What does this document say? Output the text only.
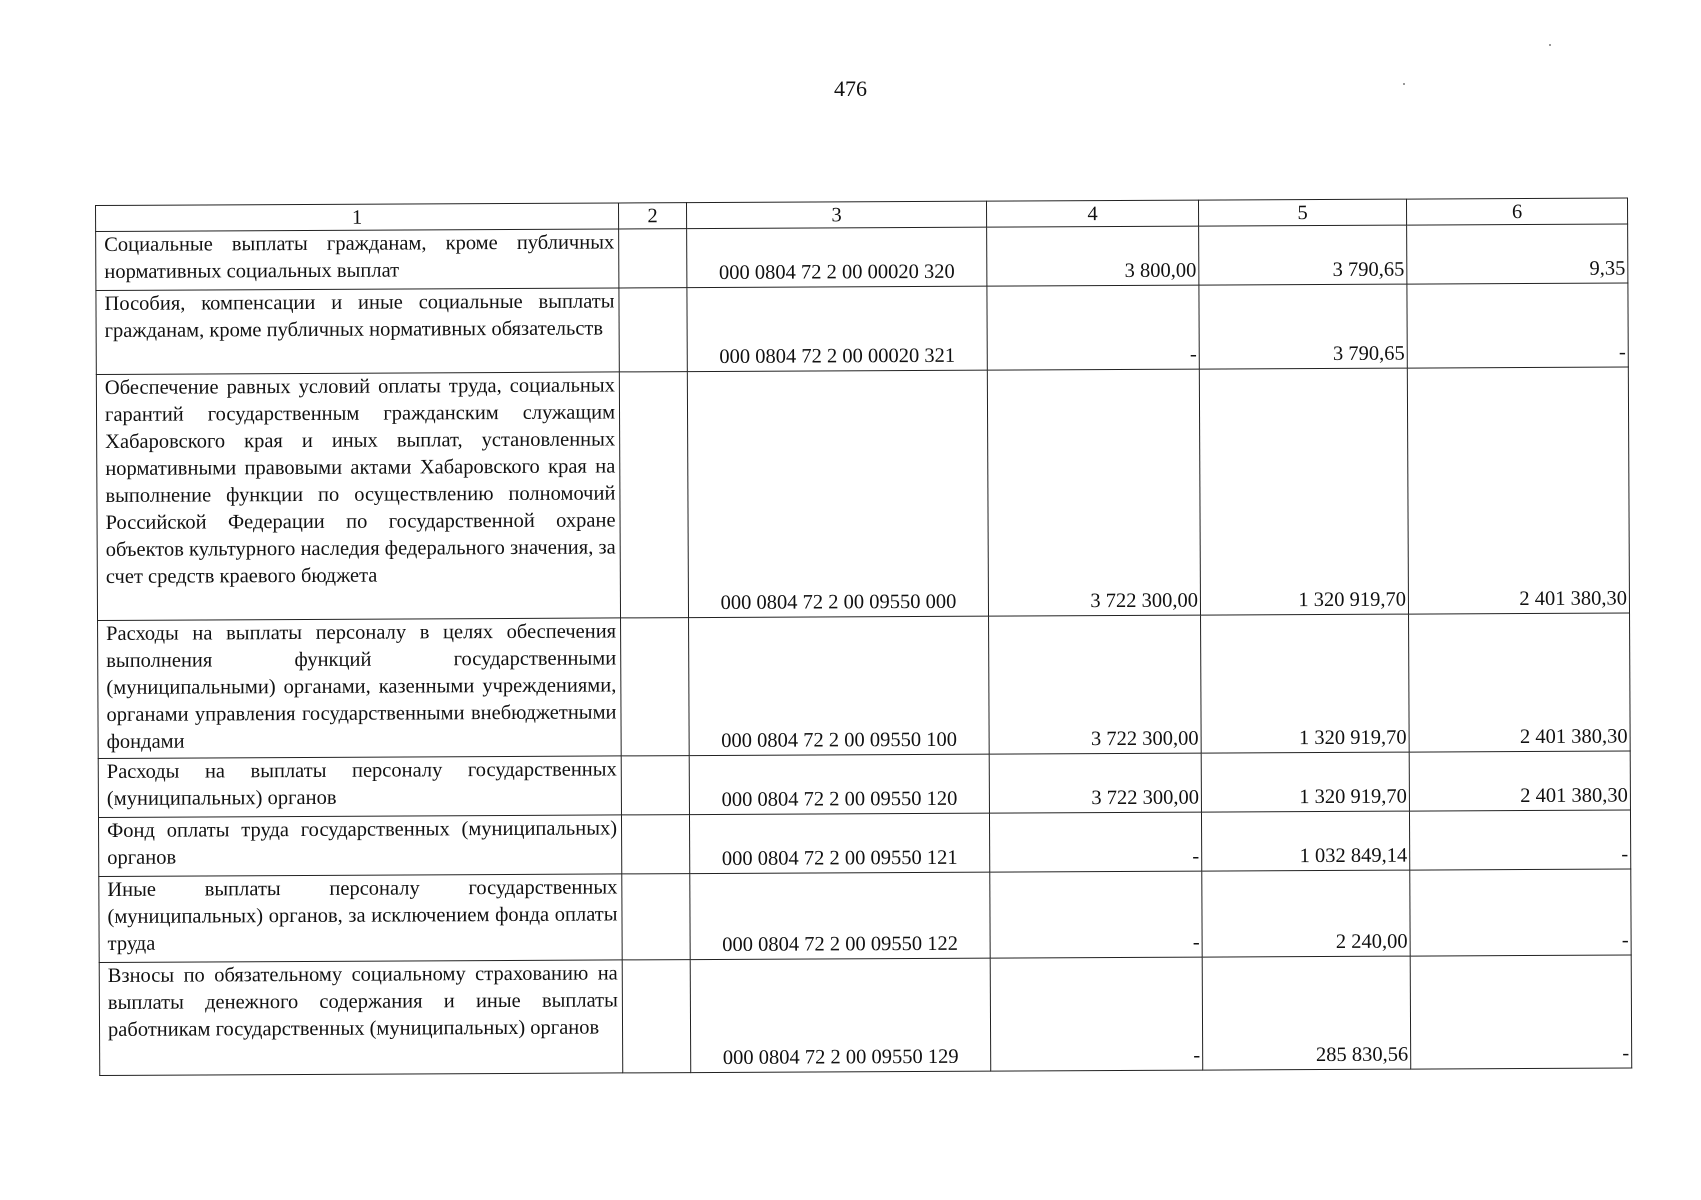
476
1	2	3	4	5	6
Социальные выплаты гражданам, кроме публичных нормативных социальных выплат		000 0804 72 2 00 00020 320	3 800,00	3 790,65	9,35
Пособия, компенсации и иные социальные выплаты гражданам, кроме публичных нормативных обязательств		000 0804 72 2 00 00020 321	-	3 790,65	-
Обеспечение равных условий оплаты труда, социальных гарантий государственным гражданским служащим Хабаровского края и иных выплат, установленных нормативными правовыми актами Хабаровского края на выполнение функции по осуществлению полномочий Российской Федерации по государственной охране объектов культурного наследия федерального значения, за счет средств краевого бюджета		000 0804 72 2 00 09550 000	3 722 300,00	1 320 919,70	2 401 380,30
Расходы на выплаты персоналу в целях обеспечения выполнения функций государственными (муниципальными) органами, казенными учреждениями, органами управления государственными внебюджетными фондами		000 0804 72 2 00 09550 100	3 722 300,00	1 320 919,70	2 401 380,30
Расходы на выплаты персоналу государственных (муниципальных) органов		000 0804 72 2 00 09550 120	3 722 300,00	1 320 919,70	2 401 380,30
Фонд оплаты труда государственных (муниципальных) органов		000 0804 72 2 00 09550 121	-	1 032 849,14	-
Иные выплаты персоналу государственных (муниципальных) органов, за исключением фонда оплаты труда		000 0804 72 2 00 09550 122	-	2 240,00	-
Взносы по обязательному социальному страхованию на выплаты денежного содержания и иные выплаты работникам государственных (муниципальных) органов		000 0804 72 2 00 09550 129	-	285 830,56	-
